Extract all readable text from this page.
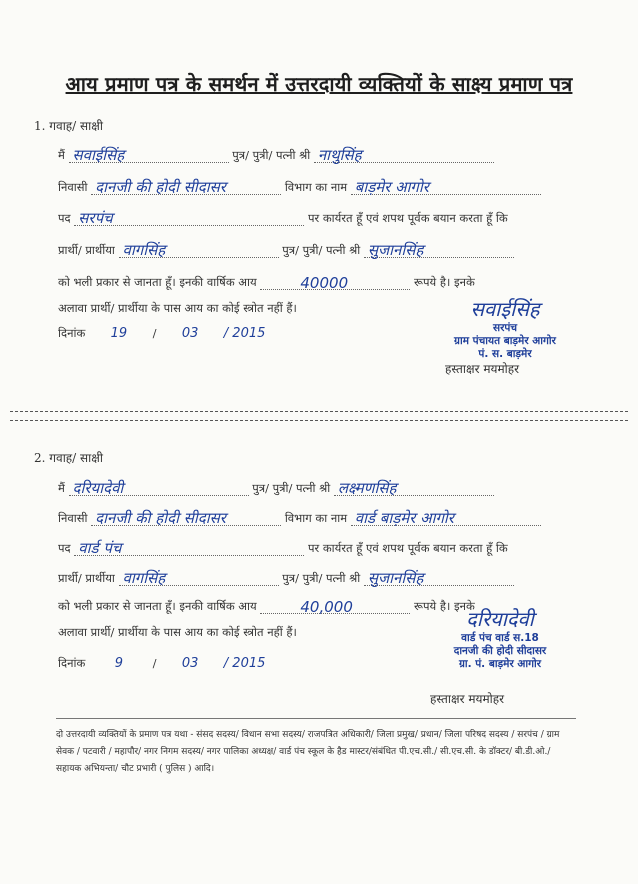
आय प्रमाण पत्र के समर्थन में उत्तरदायी व्यक्तियों के साक्ष्य प्रमाण पत्र
1. गवाह/ साक्षी
मैं सवाईसिंह	पुत्र/ पुत्री/ पत्नी श्री नाथुसिंह
निवासी दानजी की होदी सीदासर	विभाग का नाम बाड़मेर आगोर
पद सरपंच	पर कार्यरत हूँ एवं शपथ पूर्वक बयान करता हूँ कि
प्रार्थी/ प्रार्थीया वागसिंह	पुत्र/ पुत्री/ पत्नी श्री सुजानसिंह
को भली प्रकार से जानता हूँ। इनकी वार्षिक आय	40000	रूपये है। इनके
अलावा प्रार्थी/ प्रार्थीया के पास आय का कोई स्त्रोत नहीं हैं।
दिनांक 19 / 03 / 2015
सवाईसिंह
सरपंच
ग्राम पंचायत बाड़मेर आगोर
पं. स. बाड़मेर
हस्ताक्षर मयमोहर
2. गवाह/ साक्षी
मैं दरियादेवी	पुत्र/ पुत्री/ पत्नी श्री लक्ष्मणसिंह
निवासी दानजी की होदी सीदासर	विभाग का नाम वार्ड बाड़मेर आगोर
पद वार्ड पंच	पर कार्यरत हूँ एवं शपथ पूर्वक बयान करता हूँ कि
प्रार्थी/ प्रार्थीया वागसिंह	पुत्र/ पुत्री/ पत्नी श्री सुजानसिंह
को भली प्रकार से जानता हूँ। इनकी वार्षिक आय	40,000	रूपये है। इनके
अलावा प्रार्थी/ प्रार्थीया के पास आय का कोई स्त्रोत नहीं हैं।
दिनांक 9	/ 03 / 2015
दरियादेवी
वार्ड पंच वार्ड स.18
दानजी की होदी सीदासर
ग्रा. पं. बाड़मेर आगोर
हस्ताक्षर मयमोहर
दो उत्तरदायी व्यक्तियों के प्रमाण पत्र यथा - संसद सदस्य/ विधान सभा सदस्य/ राजपत्रित अधिकारी/ जिला प्रमुख/ प्रधान/ जिला परिषद सदस्य / सरपंच / ग्राम सेवक / पटवारी / महापौर/ नगर निगम सदस्य/ नगर पालिका अध्यक्ष/ वार्ड पंच स्कूल के हैड मास्टर/संबंधित पी.एच.सी./ सी.एच.सी. के डॉक्टर/ बी.डी.ओ./ सहायक अभियन्ता/ चौट प्रभारी ( पुलिस ) आदि।
